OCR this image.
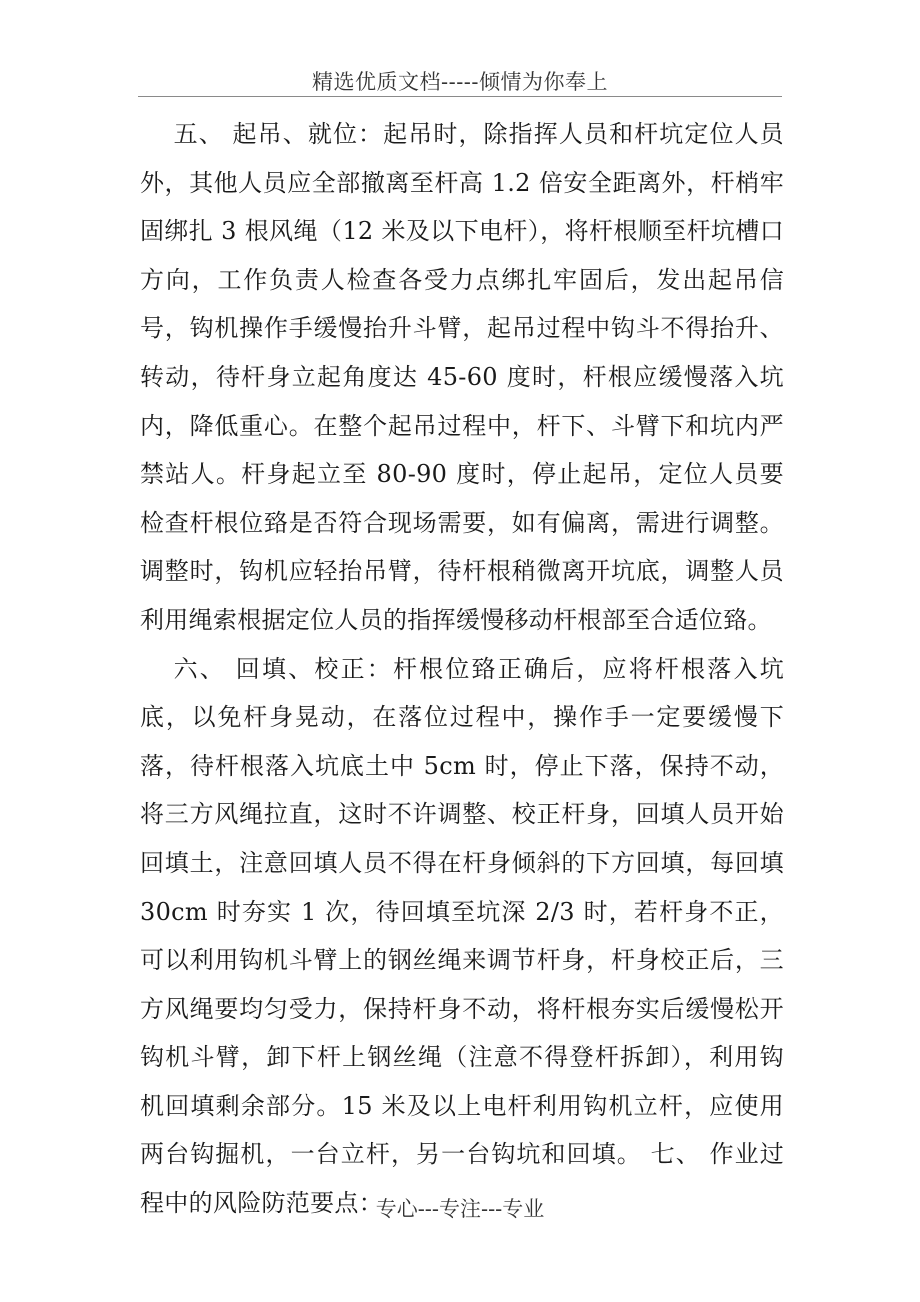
精选优质文档-----倾情为你奉上

五、 起吊、就位：起吊时，除指挥人员和杆坑定位人员外，其他人员应全部撤离至杆高 1.2 倍安全距离外，杆梢牢固绑扎 3 根风绳（12 米及以下电杆），将杆根顺至杆坑槽口方向，工作负责人检查各受力点绑扎牢固后，发出起吊信号，钩机操作手缓慢抬升斗臂，起吊过程中钩斗不得抬升、转动，待杆身立起角度达 45-60 度时，杆根应缓慢落入坑内，降低重心。在整个起吊过程中，杆下、斗臂下和坑内严禁站人。杆身起立至 80-90 度时，停止起吊，定位人员要检查杆根位臵是否符合现场需要，如有偏离，需进行调整。调整时，钩机应轻抬吊臂，待杆根稍微离开坑底，调整人员利用绳索根据定位人员的指挥缓慢移动杆根部至合适位臵。

六、 回填、校正：杆根位臵正确后，应将杆根落入坑底，以免杆身晃动，在落位过程中，操作手一定要缓慢下落，待杆根落入坑底土中 5cm 时，停止下落，保持不动，将三方风绳拉直，这时不许调整、校正杆身，回填人员开始回填土，注意回填人员不得在杆身倾斜的下方回填，每回填 30cm 时夯实 1 次，待回填至坑深 2/3 时，若杆身不正，可以利用钩机斗臂上的钢丝绳来调节杆身，杆身校正后，三方风绳要均匀受力，保持杆身不动，将杆根夯实后缓慢松开钩机斗臂，卸下杆上钢丝绳（注意不得登杆拆卸），利用钩机回填剩余部分。15 米及以上电杆利用钩机立杆，应使用两台钩掘机，一台立杆，另一台钩坑和回填。 七、 作业过程中的风险防范要点：

专心---专注---专业
